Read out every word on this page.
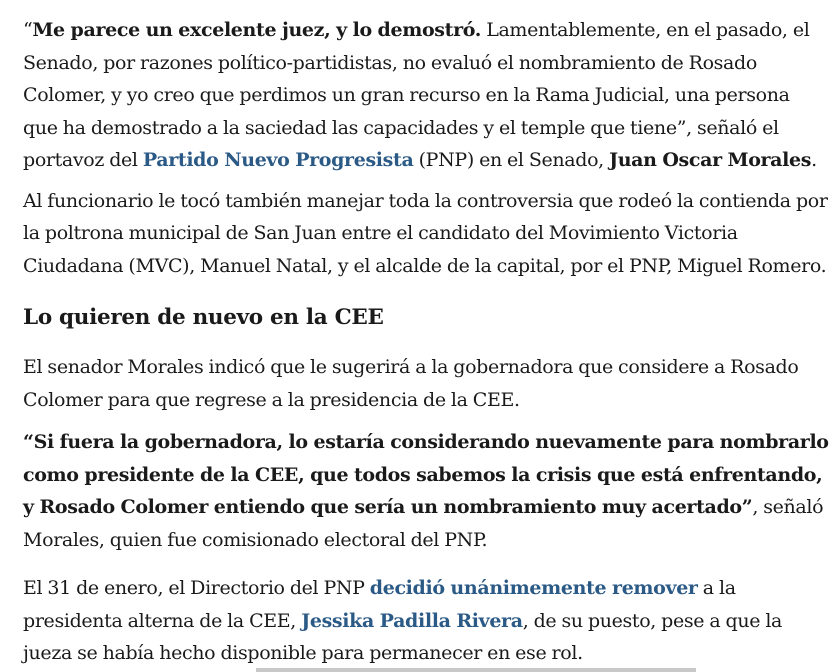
“Me parece un excelente juez, y lo demostró. Lamentablemente, en el pasado, el Senado, por razones político-partidistas, no evaluó el nombramiento de Rosado Colomer, y yo creo que perdimos un gran recurso en la Rama Judicial, una persona que ha demostrado a la saciedad las capacidades y el temple que tiene”, señaló el portavoz del Partido Nuevo Progresista (PNP) en el Senado, Juan Oscar Morales.

Al funcionario le tocó también manejar toda la controversia que rodeó la contienda por la poltrona municipal de San Juan entre el candidato del Movimiento Victoria Ciudadana (MVC), Manuel Natal, y el alcalde de la capital, por el PNP, Miguel Romero.

Lo quieren de nuevo en la CEE

El senador Morales indicó que le sugerirá a la gobernadora que considere a Rosado Colomer para que regrese a la presidencia de la CEE.

“Si fuera la gobernadora, lo estaría considerando nuevamente para nombrarlo como presidente de la CEE, que todos sabemos la crisis que está enfrentando, y Rosado Colomer entiendo que sería un nombramiento muy acertado”, señaló Morales, quien fue comisionado electoral del PNP.

El 31 de enero, el Directorio del PNP decidió unánimemente remover a la presidenta alterna de la CEE, Jessika Padilla Rivera, de su puesto, pese a que la jueza se había hecho disponible para permanecer en ese rol.
